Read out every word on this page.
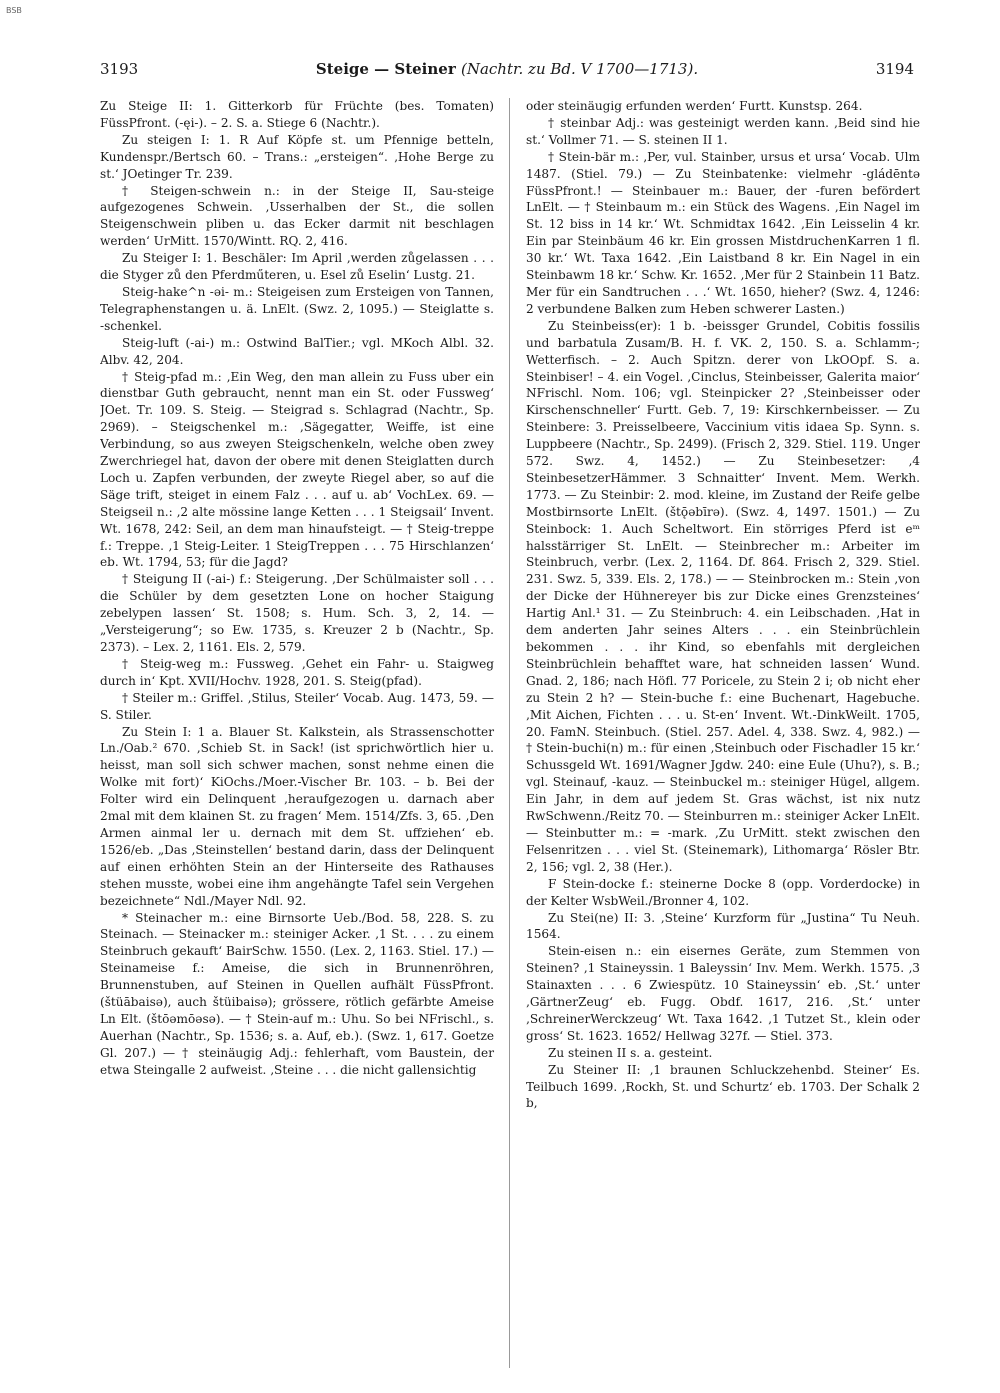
BSB
3193	Steige — Steiner (Nachtr. zu Bd. V 1700—1713).	3194

Zu Steige II: 1. Gitterkorb für Früchte (bes. Tomaten) FüssPfront. (-ęi-). – 2. S. a. Stiege 6 (Nachtr.).

Zu steigen I: 1. R Auf Köpfe st. um Pfennige betteln, Kundenspr./Bertsch 60. – Trans.: „ersteigen“. ‚Hohe Berge zu st.‘ JOetinger Tr. 239.

† Steigen-schwein n.: in der Steige II, Sau-steige aufgezogenes Schwein. ‚Usserhalben der St., die sollen Steigenschwein pliben u. das Ecker darmit nit beschlagen werden‘ UrMitt. 1570/Wintt. RQ. 2, 416.

Zu Steiger I: 1. Beschäler: Im April ‚werden zůgelassen . . . die Styger zů den Pferdműteren, u. Esel zů Eselin‘ Lustg. 21.

Steig-hake^n -əi- m.: Steigeisen zum Ersteigen von Tannen, Telegraphenstangen u. ä. LnElt. (Swz. 2, 1095.) — Steiglatte s. -schenkel.

Steig-luft (-ai-) m.: Ostwind BalTier.; vgl. MKoch Albl. 32. Albv. 42, 204.

† Steig-pfad m.: ‚Ein Weg, den man allein zu Fuss uber ein dienstbar Guth gebraucht, nennt man ein St. oder Fussweg‘ JOet. Tr. 109. S. Steig. — Steigrad s. Schlagrad (Nachtr., Sp. 2969). – Steigschenkel m.: ‚Sägegatter, Weiffe, ist eine Verbindung, so aus zweyen Steigschenkeln, welche oben zwey Zwerchriegel hat, davon der obere mit denen Steiglatten durch Loch u. Zapfen verbunden, der zweyte Riegel aber, so auf die Säge trift, steiget in einem Falz . . . auf u. ab‘ VochLex. 69. — Steigseil n.: ‚2 alte mössine lange Ketten . . . 1 Steigsail‘ Invent. Wt. 1678, 242: Seil, an dem man hinaufsteigt. — † Steig-treppe f.: Treppe. ‚1 Steig-Leiter. 1 SteigTreppen . . . 75 Hirschlanzen‘ eb. Wt. 1794, 53; für die Jagd?

† Steigung II (-ai-) f.: Steigerung. ‚Der Schülmaister soll . . . die Schüler by dem gesetzten Lone on hocher Staigung zebelypen lassen‘ St. 1508; s. Hum. Sch. 3, 2, 14. — „Versteigerung“; so Ew. 1735, s. Kreuzer 2 b (Nachtr., Sp. 2373). – Lex. 2, 1161. Els. 2, 579.

† Steig-weg m.: Fussweg. ‚Gehet ein Fahr- u. Staigweg durch in‘ Kpt. XVII/Hochv. 1928, 201. S. Steig(pfad).

† Steiler m.: Griffel. ‚Stilus, Steiler‘ Vocab. Aug. 1473, 59. — S. Stiler.

Zu Stein I: 1 a. Blauer St. Kalkstein, als Strassenschotter Ln./Oab.² 670. ‚Schieb St. in Sack! (ist sprichwörtlich hier u. heisst, man soll sich schwer machen, sonst nehme einen die Wolke mit fort)‘ KiOchs./Moer.-Vischer Br. 103. – b. Bei der Folter wird ein Delinquent ‚heraufgezogen u. darnach aber 2mal mit dem klainen St. zu fragen‘ Mem. 1514/Zfs. 3, 65. ‚Den Armen ainmal ler u. dernach mit dem St. uffziehen‘ eb. 1526/eb. „Das ‚Steinstellen‘ bestand darin, dass der Delinquent auf einen erhöhten Stein an der Hinterseite des Rathauses stehen musste, wobei eine ihm angehängte Tafel sein Vergehen bezeichnete“ Ndl./Mayer Ndl. 92.

* Steinacher m.: eine Birnsorte Ueb./Bod. 58, 228. S. zu Steinach. — Steinacker m.: steiniger Acker. ‚1 St. . . . zu einem Steinbruch gekauft‘ BairSchw. 1550. (Lex. 2, 1163. Stiel. 17.) — Steinameise f.: Ameise, die sich in Brunnenröhren, Brunnenstuben, auf Steinen in Quellen aufhält FüssPfront. (štüābaisə), auch štüibaisə); grössere, rötlich gefärbte Ameise Ln Elt. (štōəmōəsə). — † Stein-auf m.: Uhu. So bei NFrischl., s. Auerhan (Nachtr., Sp. 1536; s. a. Auf, eb.). (Swz. 1, 617. Goetze Gl. 207.) — † steinäugig Adj.: fehlerhaft, vom Baustein, der etwa Steingalle 2 aufweist. ‚Steine . . . die nicht gallensichtig

oder steinäugig erfunden werden‘ Furtt. Kunstsp. 264.

† steinbar Adj.: was gesteinigt werden kann. ‚Beid sind hie st.‘ Vollmer 71. — S. steinen II 1.

† Stein-bär m.: ‚Per, vul. Stainber, ursus et ursa‘ Vocab. Ulm 1487. (Stiel. 79.) — Zu Steinbatenke: vielmehr -gládēntə FüssPfront.! — Steinbauer m.: Bauer, der -furen befördert LnElt. — † Steinbaum m.: ein Stück des Wagens. ‚Ein Nagel im St. 12 biss in 14 kr.‘ Wt. Schmidtax 1642. ‚Ein Leisselin 4 kr. Ein par Steinbäum 46 kr. Ein grossen MistdruchenKarren 1 fl. 30 kr.‘ Wt. Taxa 1642. ‚Ein Laistband 8 kr. Ein Nagel in ein Steinbawm 18 kr.‘ Schw. Kr. 1652. ‚Mer für 2 Stainbein 11 Batz. Mer für ein Sandtruchen . . .‘ Wt. 1650, hieher? (Swz. 4, 1246: 2 verbundene Balken zum Heben schwerer Lasten.)

Zu Steinbeiss(er): 1 b. -beissger Grundel, Cobitis fossilis und barbatula Zusam/B. H. f. VK. 2, 150. S. a. Schlamm-; Wetterfisch. – 2. Auch Spitzn. derer von LkOOpf. S. a. Steinbiser! – 4. ein Vogel. ‚Cinclus, Steinbeisser, Galerita maior‘ NFrischl. Nom. 106; vgl. Steinpicker 2? ‚Steinbeisser oder Kirschenschneller‘ Furtt. Geb. 7, 19: Kirschkernbeisser. — Zu Steinbere: 3. Preisselbeere, Vaccinium vitis idaea Sp. Synn. s. Luppbeere (Nachtr., Sp. 2499). (Frisch 2, 329. Stiel. 119. Unger 572. Swz. 4, 1452.) — Zu Steinbesetzer: ‚4 SteinbesetzerHämmer. 3 Schnaitter‘ Invent. Mem. Werkh. 1773. — Zu Steinbir: 2. mod. kleine, im Zustand der Reife gelbe Mostbirnsorte LnElt. (štǭəbīrə). (Swz. 4, 1497. 1501.) — Zu Steinbock: 1. Auch Scheltwort. Ein störriges Pferd ist eᵐ halsstärriger St. LnElt. — Steinbrecher m.: Arbeiter im Steinbruch, verbr. (Lex. 2, 1164. Df. 864. Frisch 2, 329. Stiel. 231. Swz. 5, 339. Els. 2, 178.) — — Steinbrocken m.: Stein ‚von der Dicke der Hühnereyer bis zur Dicke eines Grenzsteines‘ Hartig Anl.¹ 31. — Zu Steinbruch: 4. ein Leibschaden. ‚Hat in dem anderten Jahr seines Alters . . . ein Steinbrüchlein bekommen . . . ihr Kind, so ebenfahls mit dergleichen Steinbrüchlein behafftet ware, hat schneiden lassen‘ Wund. Gnad. 2, 186; nach Höfl. 77 Poricele, zu Stein 2 i; ob nicht eher zu Stein 2 h? — Stein-buche f.: eine Buchenart, Hagebuche. ‚Mit Aichen, Fichten . . . u. St-en‘ Invent. Wt.-DinkWeilt. 1705, 20. FamN. Steinbuch. (Stiel. 257. Adel. 4, 338. Swz. 4, 982.) — † Stein-buchi(n) m.: für einen ‚Steinbuch oder Fischadler 15 kr.‘ Schussgeld Wt. 1691/Wagner Jgdw. 240: eine Eule (Uhu?), s. B.; vgl. Steinauf, -kauz. — Steinbuckel m.: steiniger Hügel, allgem. Ein Jahr, in dem auf jedem St. Gras wächst, ist nix nutz RwSchwenn./Reitz 70. — Steinburren m.: steiniger Acker LnElt. — Steinbutter m.: = -mark. ‚Zu UrMitt. stekt zwischen den Felsenritzen . . . viel St. (Steinemark), Lithomarga‘ Rösler Btr. 2, 156; vgl. 2, 38 (Her.).

F Stein-docke f.: steinerne Docke 8 (opp. Vorderdocke) in der Kelter WsbWeil./Bronner 4, 102.

Zu Stei(ne) II: 3. ‚Steine‘ Kurzform für „Justina“ Tu Neuh. 1564.

Stein-eisen n.: ein eisernes Geräte, zum Stemmen von Steinen? ‚1 Staineyssin. 1 Baleyssin‘ Inv. Mem. Werkh. 1575. ‚3 Stainaxten . . . 6 Zwiespütz. 10 Staineyssin‘ eb. ‚St.‘ unter ‚GärtnerZeug‘ eb. Fugg. Obdf. 1617, 216. ‚St.‘ unter ‚SchreinerWerckzeug‘ Wt. Taxa 1642. ‚1 Tutzet St., klein oder gross‘ St. 1623. 1652/ Hellwag 327f. — Stiel. 373.

Zu steinen II s. a. gesteint.

Zu Steiner II: ‚1 braunen Schluckzehenbd. Steiner‘ Es. Teilbuch 1699. ‚Rockh, St. und Schurtz‘ eb. 1703. Der Schalk 2 b,
